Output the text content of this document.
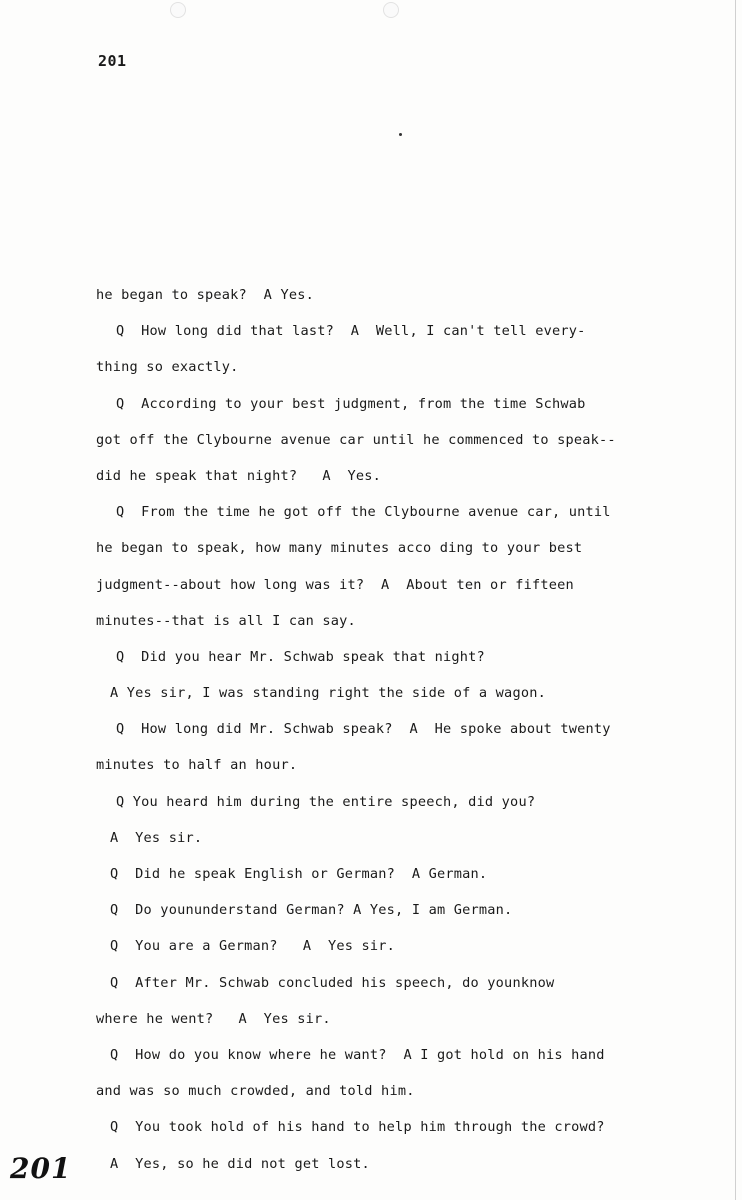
201

he began to speak?  A Yes.
Q  How long did that last?  A  Well, I can't tell every-
thing so exactly.
Q  According to your best judgment, from the time Schwab
got off the Clybourne avenue car until he commenced to speak--
did he speak that night?   A  Yes.
Q  From the time he got off the Clybourne avenue car, until
he began to speak, how many minutes acco ding to your best
judgment--about how long was it?  A  About ten or fifteen
minutes--that is all I can say.
Q  Did you hear Mr. Schwab speak that night?
A Yes sir, I was standing right the side of a wagon.
Q  How long did Mr. Schwab speak?  A  He spoke about twenty
minutes to half an hour.
Q You heard him during the entire speech, did you?
A  Yes sir.
Q  Did he speak English or German?  A German.
Q  Do younunderstand German? A Yes, I am German.
Q  You are a German?   A  Yes sir.
Q  After Mr. Schwab concluded his speech, do younknow
where he went?   A  Yes sir.
Q  How do you know where he want?  A I got hold on his hand
and was so much crowded, and told him.
Q  You took hold of his hand to help him through the crowd?
A  Yes, so he did not get lost.

201
